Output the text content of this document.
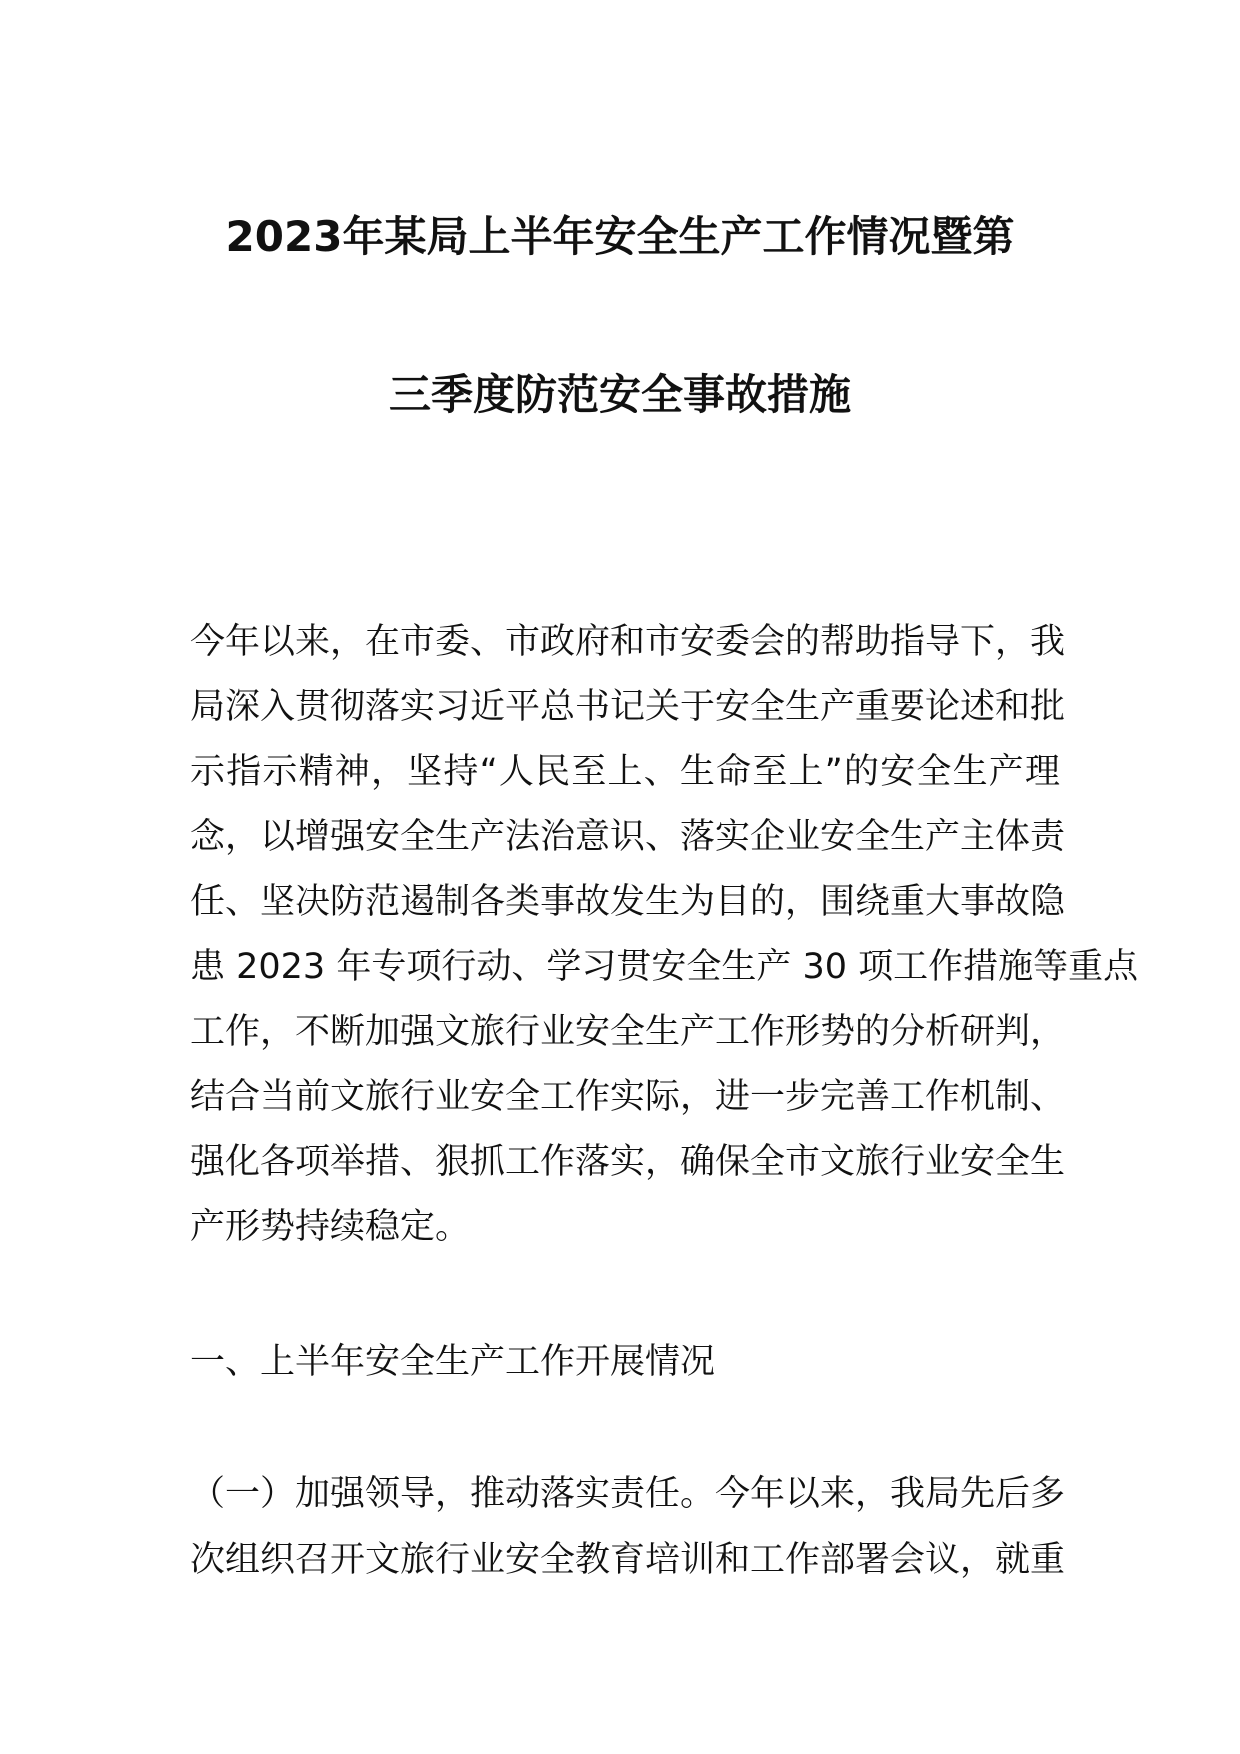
2023年某局上半年安全生产工作情况暨第
三季度防范安全事故措施
今年以来，在市委、市政府和市安委会的帮助指导下，我
局深入贯彻落实习近平总书记关于安全生产重要论述和批
示指示精神，坚持“人民至上、生命至上”的安全生产理
念，以增强安全生产法治意识、落实企业安全生产主体责
任、坚决防范遏制各类事故发生为目的，围绕重大事故隐
患 2023 年专项行动、学习贯安全生产 30 项工作措施等重点
工作，不断加强文旅行业安全生产工作形势的分析研判，
结合当前文旅行业安全工作实际，进一步完善工作机制、
强化各项举措、狠抓工作落实，确保全市文旅行业安全生
产形势持续稳定。
一、上半年安全生产工作开展情况
（一）加强领导，推动落实责任。今年以来，我局先后多
次组织召开文旅行业安全教育培训和工作部署会议，就重
